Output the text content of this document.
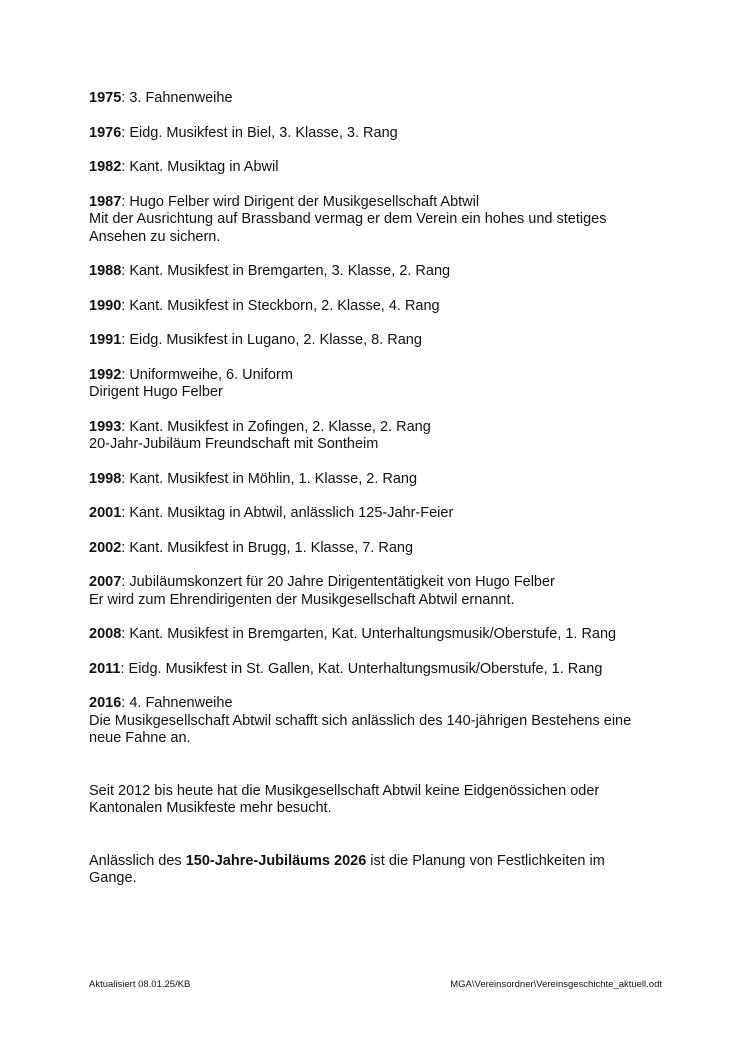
1975: 3. Fahnenweihe
1976: Eidg. Musikfest in Biel, 3. Klasse, 3. Rang
1982: Kant. Musiktag in Abwil
1987: Hugo Felber wird Dirigent der Musikgesellschaft Abtwil
Mit der Ausrichtung auf Brassband vermag er dem Verein ein hohes und stetiges
Ansehen zu sichern.
1988: Kant. Musikfest in Bremgarten, 3. Klasse, 2. Rang
1990: Kant. Musikfest in Steckborn, 2. Klasse, 4. Rang
1991: Eidg. Musikfest in Lugano, 2. Klasse, 8. Rang
1992: Uniformweihe, 6. Uniform
Dirigent Hugo Felber
1993: Kant. Musikfest in Zofingen, 2. Klasse, 2. Rang
20-Jahr-Jubiläum Freundschaft mit Sontheim
1998: Kant. Musikfest in Möhlin, 1. Klasse, 2. Rang
2001: Kant. Musiktag in Abtwil, anlässlich 125-Jahr-Feier
2002: Kant. Musikfest in Brugg, 1. Klasse, 7. Rang
2007: Jubiläumskonzert für 20 Jahre Dirigententätigkeit von Hugo Felber
Er wird zum Ehrendirigenten der Musikgesellschaft Abtwil ernannt.
2008: Kant. Musikfest in Bremgarten, Kat. Unterhaltungsmusik/Oberstufe, 1. Rang
2011: Eidg. Musikfest in St. Gallen, Kat. Unterhaltungsmusik/Oberstufe, 1. Rang
2016: 4. Fahnenweihe
Die Musikgesellschaft Abtwil schafft sich anlässlich des 140-jährigen Bestehens eine
neue Fahne an.

Seit 2012 bis heute hat die Musikgesellschaft Abtwil keine Eidgenössichen oder
Kantonalen Musikfeste mehr besucht.

Anlässlich des 150-Jahre-Jubiläums 2026 ist die Planung von Festlichkeiten im
Gange.

Aktualisiert 08.01.25/KB	MGA\Vereinsordner\Vereinsgeschichte_aktuell.odt
